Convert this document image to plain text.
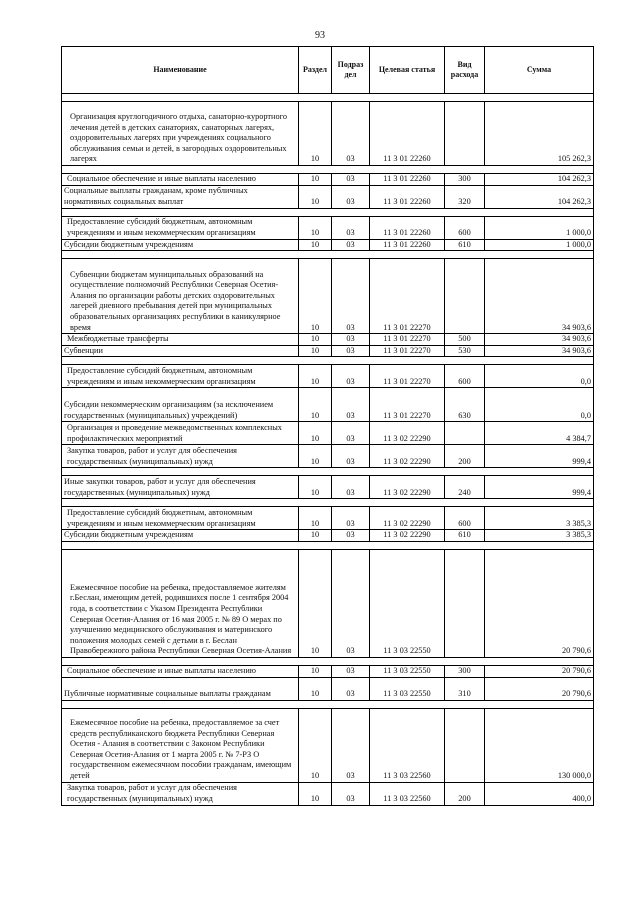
93
Наименование	Раздел	Подраз дел	Целевая статья	Вид расхода	Сумма

Организация круглогодичного отдыха, санаторно-курортного лечения детей в детских санаториях, санаторных лагерях, оздоровительных лагерях при учреждениях социального обслуживания семьи и детей, в загородных оздоровительных лагерях	10	03	11 3 01 22260		105 262,3

Социальное обеспечение и иные выплаты населению	10	03	11 3 01 22260	300	104 262,3
Социальные выплаты гражданам, кроме публичных нормативных социальных выплат	10	03	11 3 01 22260	320	104 262,3

Предоставление субсидий бюджетным, автономным учреждениям и иным некоммерческим организациям	10	03	11 3 01 22260	600	1 000,0
Субсидии бюджетным учреждениям	10	03	11 3 01 22260	610	1 000,0

Субвенции бюджетам муниципальных образований на осуществление полномочий Республики Северная Осетия-Алания по организации работы детских оздоровительных лагерей дневного пребывания детей при муниципальных образовательных организациях республики в каникулярное время	10	03	11 3 01 22270		34 903,6
Межбюджетные трансферты	10	03	11 3 01 22270	500	34 903,6
Субвенции	10	03	11 3 01 22270	530	34 903,6

Предоставление субсидий бюджетным, автономным учреждениям и иным некоммерческим организациям	10	03	11 3 01 22270	600	0,0
Субсидии некоммерческим организациям (за исключением государственных (муниципальных) учреждений)	10	03	11 3 01 22270	630	0,0
Организация и проведение межведомственных комплексных профилактических мероприятий	10	03	11 3 02 22290		4 384,7
Закупка товаров, работ и услуг для обеспечения государственных (муниципальных) нужд	10	03	11 3 02 22290	200	999,4

Иные закупки товаров, работ и услуг для обеспечения государственных (муниципальных) нужд	10	03	11 3 02 22290	240	999,4

Предоставление субсидий бюджетным, автономным учреждениям и иным некоммерческим организациям	10	03	11 3 02 22290	600	3 385,3
Субсидии бюджетным учреждениям	10	03	11 3 02 22290	610	3 385,3

Ежемесячное пособие на ребенка, предоставляемое жителям г.Беслан, имеющим детей, родившихся после 1 сентября 2004 года, в соответствии с Указом Президента Республики Северная Осетия-Алания от 16 мая 2005 г. № 89 О мерах по улучшению медицинского обслуживания и материнского положения молодых семей с детьми в г. Беслан Правобережного района Республики Северная Осетия-Алания	10	03	11 3 03 22550		20 790,6

Социальное обеспечение и иные выплаты населению	10	03	11 3 03 22550	300	20 790,6
Публичные нормативные социальные выплаты гражданам	10	03	11 3 03 22550	310	20 790,6

Ежемесячное пособие на ребенка, предоставляемое за счет средств республиканского бюджета Республики Северная Осетия - Алания в соответствии с Законом Республики Северная Осетия-Алания от 1 марта 2005 г. № 7-РЗ О государственном ежемесячном пособии гражданам, имеющим детей	10	03	11 3 03 22560		130 000,0
Закупка товаров, работ и услуг для обеспечения государственных (муниципальных) нужд	10	03	11 3 03 22560	200	400,0
